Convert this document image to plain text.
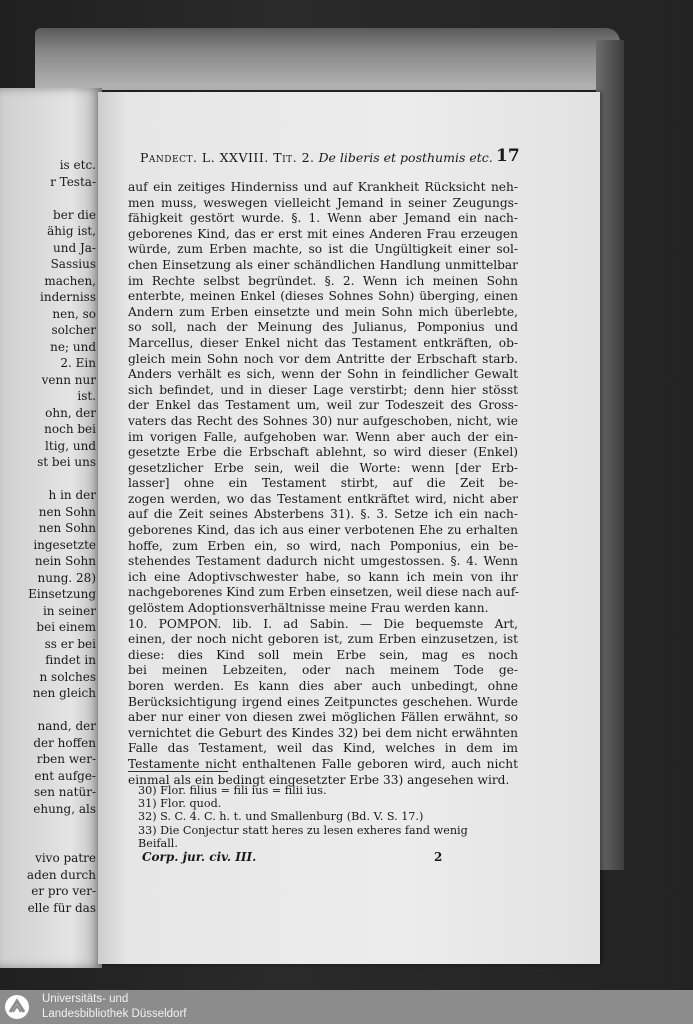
is etc.
r Testa-
ber die
ähig ist,
und Ja-
Sassius
machen,
inderniss
nen, so
solcher
ne; und
2. Ein
venn nur
ist.
ohn, der
noch bei
ltig, und
st bei uns
h in der
nen Sohn
nen Sohn
ingesetzte
nein Sohn
nung. 28)
Einsetzung
in seiner
bei einem
ss er bei
findet in
n solches
nen gleich
nand, der
der hoffen
rben wer-
ent aufge-
sen natür-
ehung, als
vivo patre
aden durch
er pro ver-
elle für das
Pandect. L. XXVIII. Tit. 2. De liberis et posthumis etc. 17
auf ein zeitiges Hinderniss und auf Krankheit Rücksicht neh-
men muss, weswegen vielleicht Jemand in seiner Zeugungs-
fähigkeit gestört wurde. §. 1. Wenn aber Jemand ein nach-
geborenes Kind, das er erst mit eines Anderen Frau erzeugen
würde, zum Erben machte, so ist die Ungültigkeit einer sol-
chen Einsetzung als einer schändlichen Handlung unmittelbar
im Rechte selbst begründet. §. 2. Wenn ich meinen Sohn
enterbte, meinen Enkel (dieses Sohnes Sohn) überging, einen
Andern zum Erben einsetzte und mein Sohn mich überlebte,
so soll, nach der Meinung des Julianus, Pomponius und
Marcellus, dieser Enkel nicht das Testament entkräften, ob-
gleich mein Sohn noch vor dem Antritte der Erbschaft starb.
Anders verhält es sich, wenn der Sohn in feindlicher Gewalt
sich befindet, und in dieser Lage verstirbt; denn hier stösst
der Enkel das Testament um, weil zur Todeszeit des Gross-
vaters das Recht des Sohnes 30) nur aufgeschoben, nicht, wie
im vorigen Falle, aufgehoben war. Wenn aber auch der ein-
gesetzte Erbe die Erbschaft ablehnt, so wird dieser (Enkel)
gesetzlicher Erbe sein, weil die Worte: wenn [der Erb-
lasser] ohne ein Testament stirbt, auf die Zeit be-
zogen werden, wo das Testament entkräftet wird, nicht aber
auf die Zeit seines Absterbens 31). §. 3. Setze ich ein nach-
geborenes Kind, das ich aus einer verbotenen Ehe zu erhalten
hoffe, zum Erben ein, so wird, nach Pomponius, ein be-
stehendes Testament dadurch nicht umgestossen. §. 4. Wenn
ich eine Adoptivschwester habe, so kann ich mein von ihr
nachgeborenes Kind zum Erben einsetzen, weil diese nach auf-
gelöstem Adoptionsverhältnisse meine Frau werden kann.
10. POMPON. lib. I. ad Sabin. — Die bequemste Art,
einen, der noch nicht geboren ist, zum Erben einzusetzen, ist
diese: dies Kind soll mein Erbe sein, mag es noch
bei meinen Lebzeiten, oder nach meinem Tode ge-
boren werden. Es kann dies aber auch unbedingt, ohne
Berücksichtigung irgend eines Zeitpunctes geschehen. Wurde
aber nur einer von diesen zwei möglichen Fällen erwähnt, so
vernichtet die Geburt des Kindes 32) bei dem nicht erwähnten
Falle das Testament, weil das Kind, welches in dem im
Testamente nicht enthaltenen Falle geboren wird, auch nicht
einmal als ein bedingt eingesetzter Erbe 33) angesehen wird.
30) Flor. filius = fili ius = filii ius.
31) Flor. quod.
32) S. C. 4. C. h. t. und Smallenburg (Bd. V. S. 17.)
33) Die Conjectur statt heres zu lesen exheres fand wenig
Beifall.
Corp. jur. civ. III.	2
Universitäts- und
Landesbibliothek Düsseldorf
